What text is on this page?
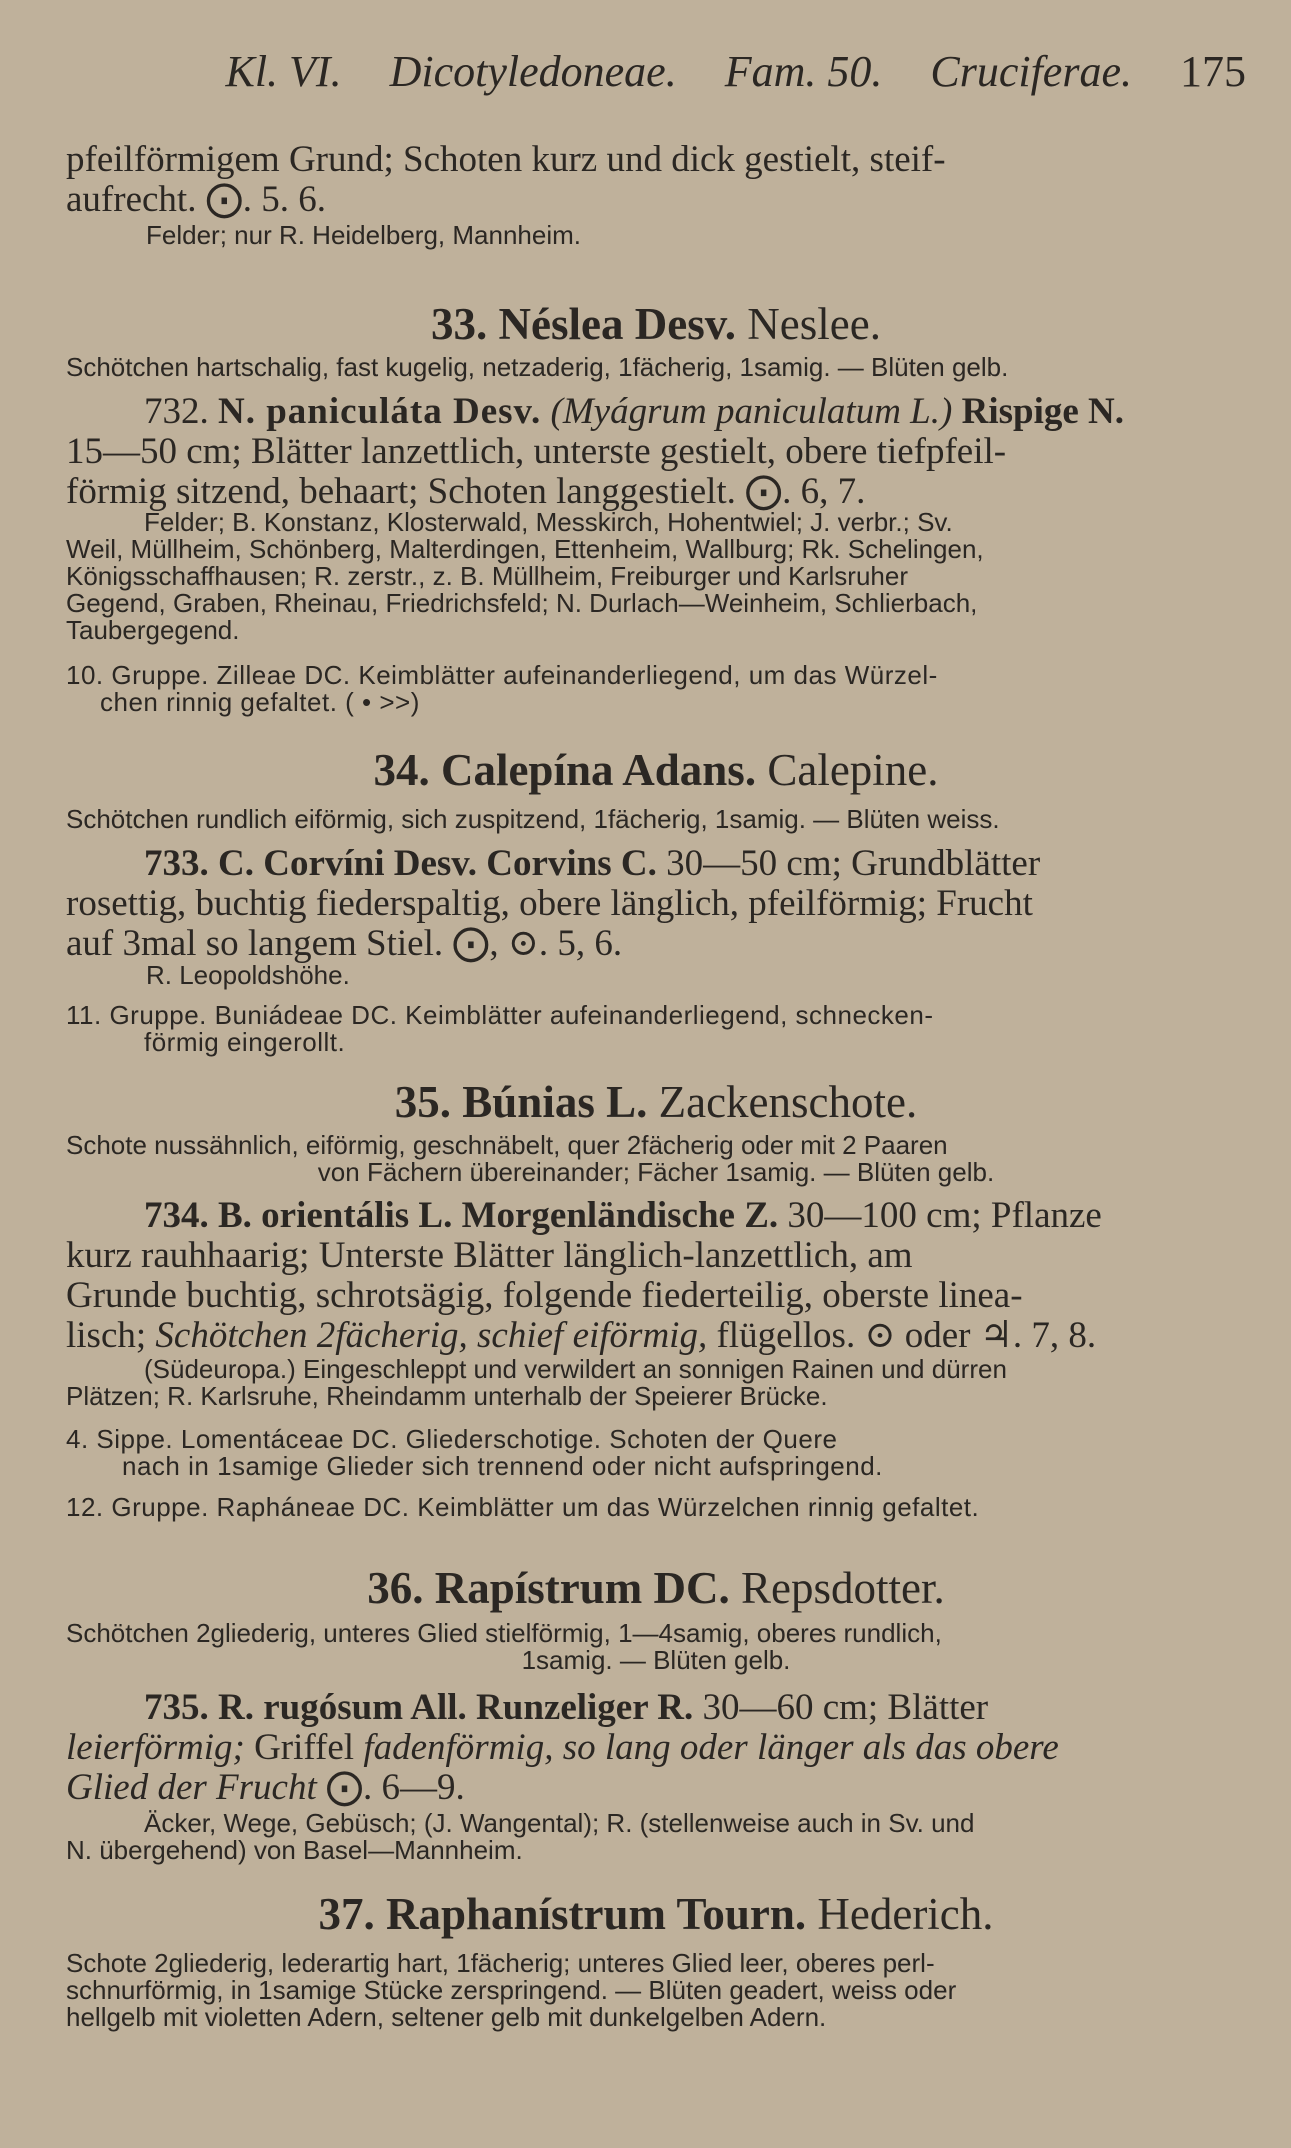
Kl. VI. Dicotyledoneae. Fam. 50. Cruciferae. 175
pfeilförmigem Grund; Schoten kurz und dick gestielt, steif-
aufrecht. ⨀. 5. 6.
Felder; nur R. Heidelberg, Mannheim.
33. Néslea Desv. Neslee.
Schötchen hartschalig, fast kugelig, netzaderig, 1fächerig, 1samig. — Blüten gelb.
732. N. paniculáta Desv. (Myágrum paniculatum L.) Rispige N.
15—50 cm; Blätter lanzettlich, unterste gestielt, obere tiefpfeil-
förmig sitzend, behaart; Schoten langgestielt. ⨀. 6, 7.
Felder; B. Konstanz, Klosterwald, Messkirch, Hohentwiel; J. verbr.; Sv.
Weil, Müllheim, Schönberg, Malterdingen, Ettenheim, Wallburg; Rk. Schelingen,
Königsschaffhausen; R. zerstr., z. B. Müllheim, Freiburger und Karlsruher
Gegend, Graben, Rheinau, Friedrichsfeld; N. Durlach—Weinheim, Schlierbach,
Taubergegend.
10. Gruppe. Zilleae DC. Keimblätter aufeinanderliegend, um das Würzel-
chen rinnig gefaltet. ( • >>)
34. Calepína Adans. Calepine.
Schötchen rundlich eiförmig, sich zuspitzend, 1fächerig, 1samig. — Blüten weiss.
733. C. Corvíni Desv. Corvins C. 30—50 cm; Grundblätter
rosettig, buchtig fiederspaltig, obere länglich, pfeilförmig; Frucht
auf 3mal so langem Stiel. ⨀, ⊙. 5, 6.
R. Leopoldshöhe.
11. Gruppe. Buniádeae DC. Keimblätter aufeinanderliegend, schnecken-
förmig eingerollt.
35. Búnias L. Zackenschote.
Schote nussähnlich, eiförmig, geschnäbelt, quer 2fächerig oder mit 2 Paaren
von Fächern übereinander; Fächer 1samig. — Blüten gelb.
734. B. orientális L. Morgenländische Z. 30—100 cm; Pflanze
kurz rauhhaarig; Unterste Blätter länglich-lanzettlich, am
Grunde buchtig, schrotsägig, folgende fiederteilig, oberste linea-
lisch; Schötchen 2fächerig, schief eiförmig, flügellos. ⊙ oder ♃. 7, 8.
(Südeuropa.) Eingeschleppt und verwildert an sonnigen Rainen und dürren
Plätzen; R. Karlsruhe, Rheindamm unterhalb der Speierer Brücke.
4. Sippe. Lomentáceae DC. Gliederschotige. Schoten der Quere
nach in 1samige Glieder sich trennend oder nicht aufspringend.
12. Gruppe. Rapháneae DC. Keimblätter um das Würzelchen rinnig gefaltet.
36. Rapístrum DC. Repsdotter.
Schötchen 2gliederig, unteres Glied stielförmig, 1—4samig, oberes rundlich,
1samig. — Blüten gelb.
735. R. rugósum All. Runzeliger R. 30—60 cm; Blätter
leierförmig; Griffel fadenförmig, so lang oder länger als das obere
Glied der Frucht ⨀. 6—9.
Äcker, Wege, Gebüsch; (J. Wangental); R. (stellenweise auch in Sv. und
N. übergehend) von Basel—Mannheim.
37. Raphanístrum Tourn. Hederich.
Schote 2gliederig, lederartig hart, 1fächerig; unteres Glied leer, oberes perl-
schnurförmig, in 1samige Stücke zerspringend. — Blüten geadert, weiss oder
hellgelb mit violetten Adern, seltener gelb mit dunkelgelben Adern.
